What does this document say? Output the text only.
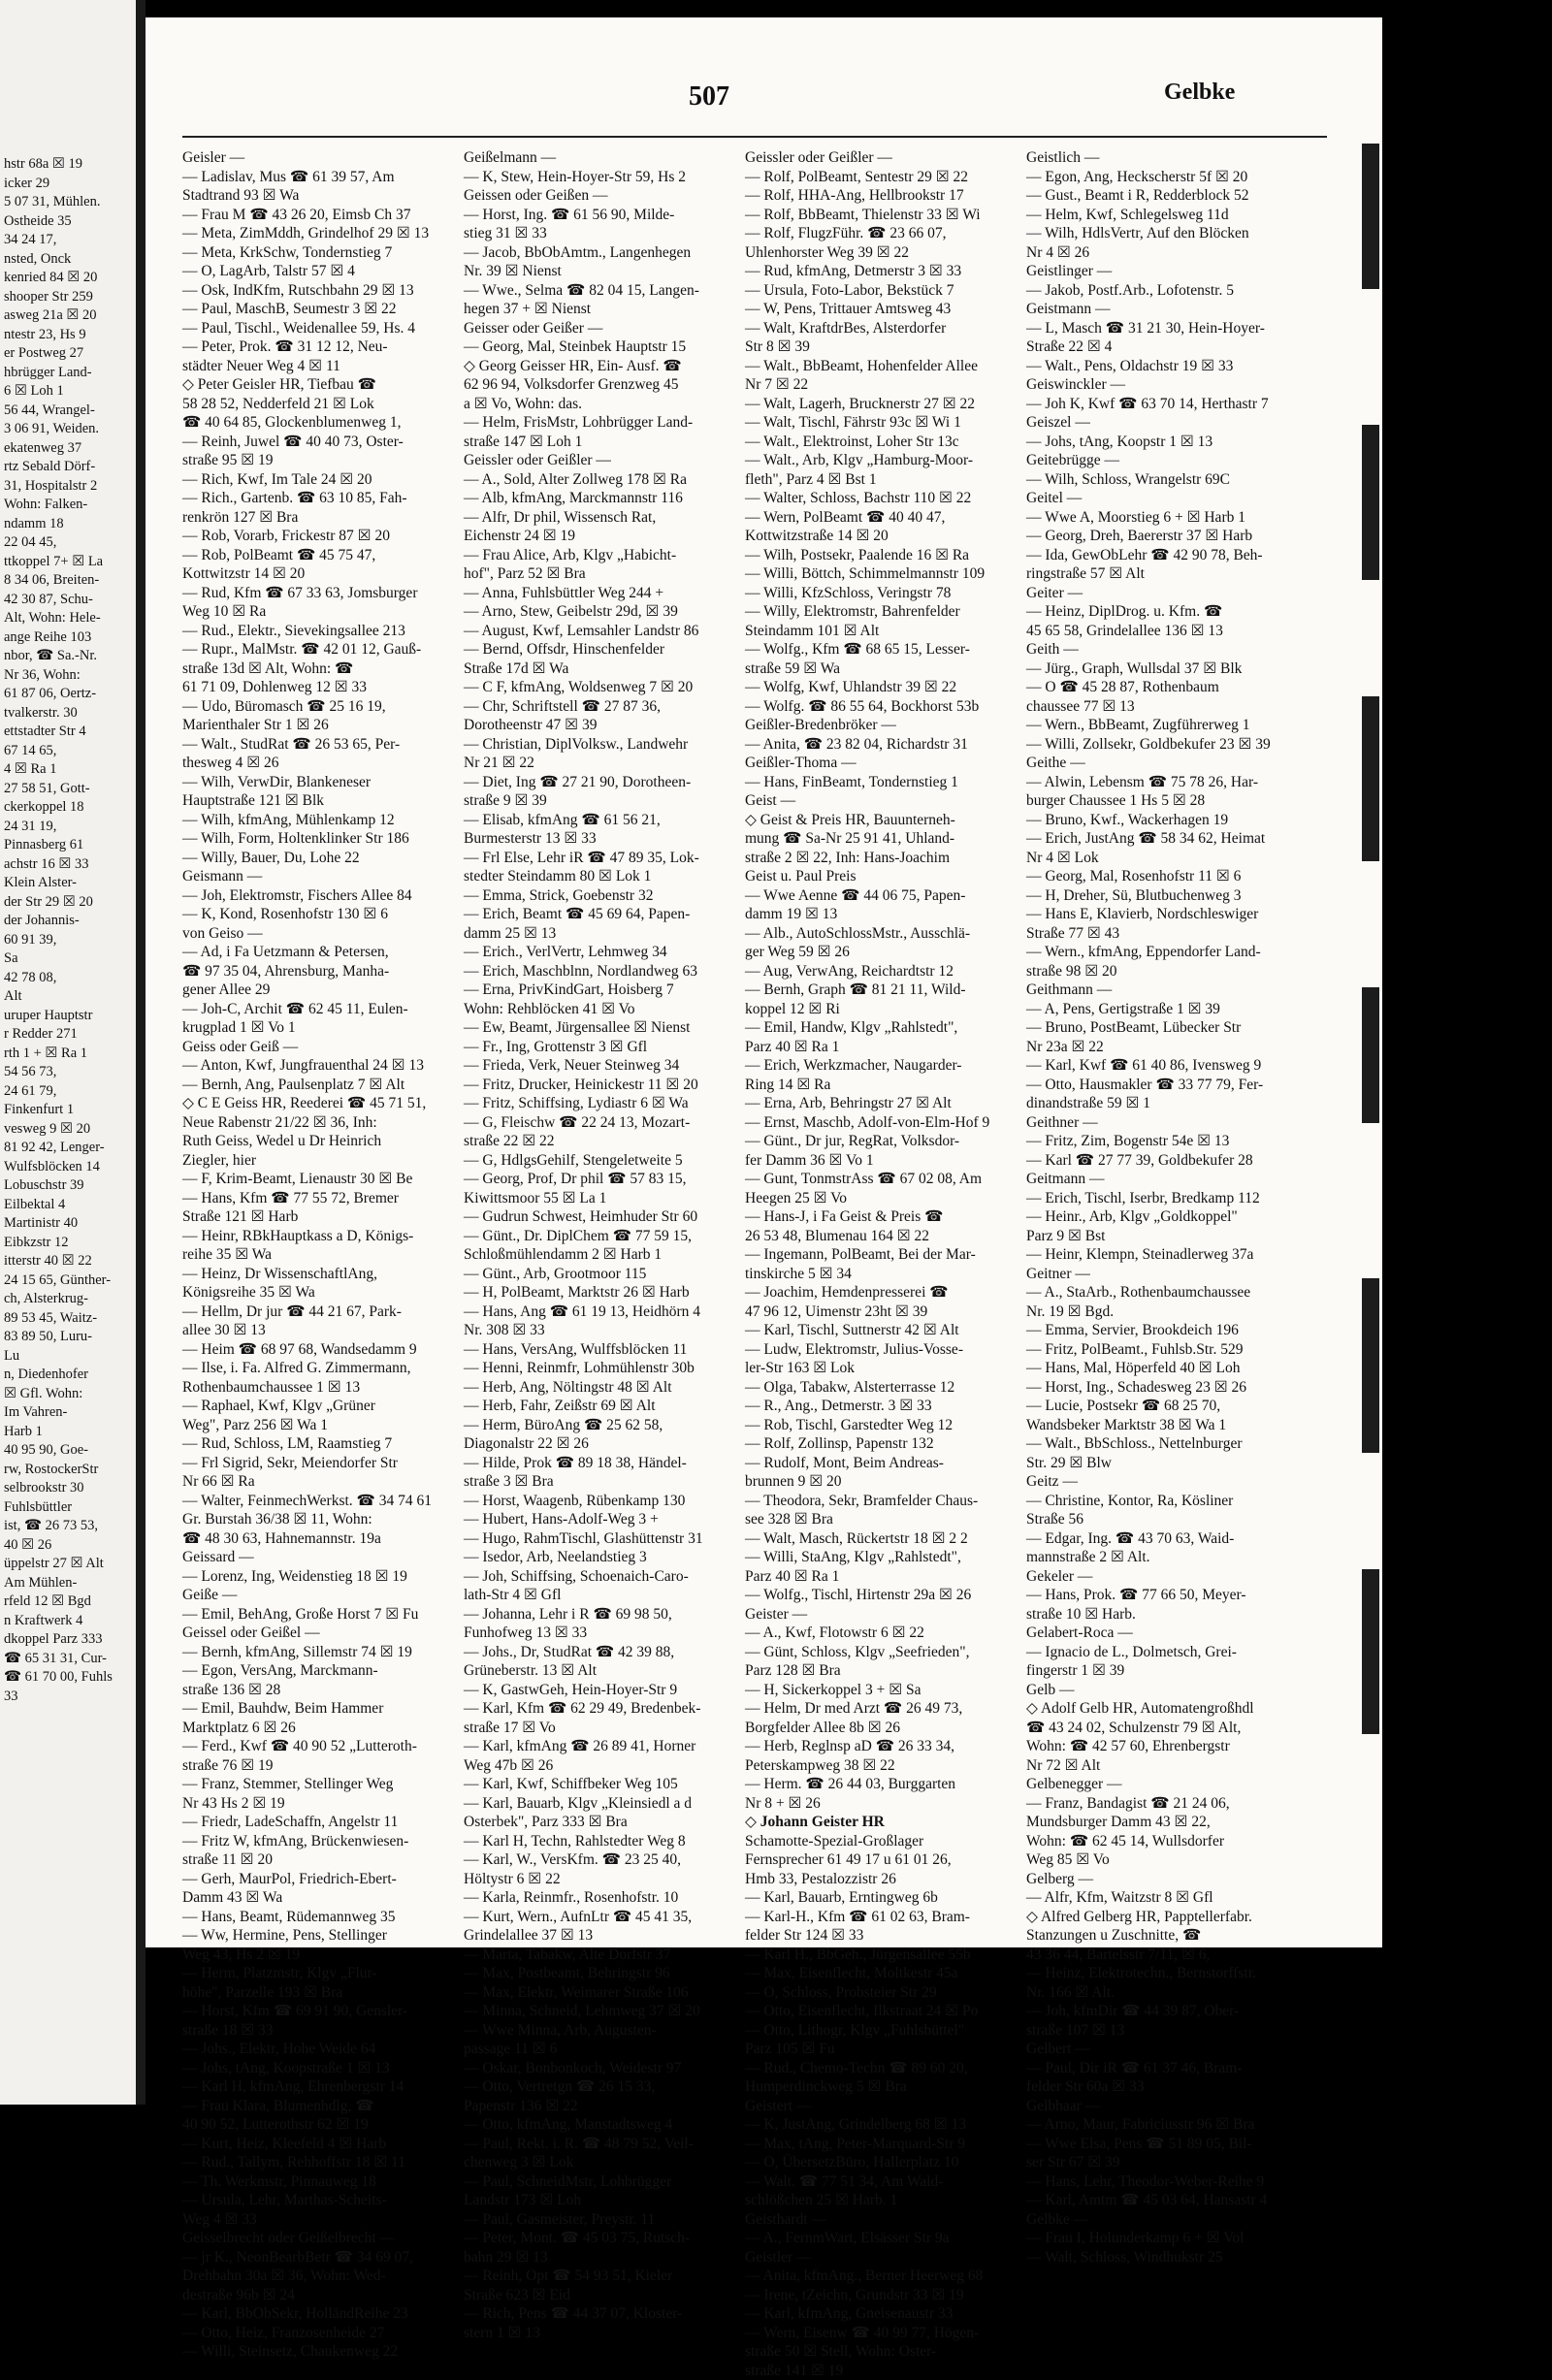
hstr 68a ☒ 19
icker 29
5 07 31, Mühlen.
Ostheide 35
34 24 17,
nsted, Onck
kenried 84 ☒ 20
shooper Str 259
asweg 21a ☒ 20
ntestr 23, Hs 9
er Postweg 27
hbrügger Land-
6 ☒ Loh 1
56 44, Wrangel-
3 06 91, Weiden.
ekatenweg 37
rtz Sebald Dörf-
31, Hospitalstr 2
Wohn: Falken-
ndamm 18
22 04 45,
ttkoppel 7+ ☒ La
8 34 06, Breiten-
42 30 87, Schu-
Alt, Wohn: Hele-
ange Reihe 103
nbor, ☎ Sa.-Nr.
Nr 36, Wohn:
61 87 06, Oertz-
tvalkerstr. 30
ettstadter Str 4
67 14 65,
4 ☒ Ra 1
27 58 51, Gott-
ckerkoppel 18
24 31 19,
Pinnasberg 61
achstr 16 ☒ 33
Klein Alster-
der Str 29 ☒ 20
der Johannis-
60 91 39,
Sa
42 78 08,
Alt
uruper Hauptstr
r Redder 271
rth 1 + ☒ Ra 1
54 56 73,
24 61 79,
Finkenfurt 1
vesweg 9 ☒ 20
81 92 42, Lenger-
Wulfsblöcken 14
Lobuschstr 39
Eilbektal 4
Martinistr 40
Eibkzstr 12
itterstr 40 ☒ 22
24 15 65, Günther-
ch, Alsterkrug-
89 53 45, Waitz-
83 89 50, Luru-
Lu
n, Diedenhofer
☒ Gfl. Wohn:
Im Vahren-
Harb 1
40 95 90, Goe-
rw, RostockerStr
selbrookstr 30
Fuhlsbüttler
ist, ☎ 26 73 53,
40 ☒ 26
üppelstr 27 ☒ Alt
Am Mühlen-
rfeld 12 ☒ Bgd
n Kraftwerk 4
dkoppel Parz 333
☎ 65 31 31, Cur-
☎ 61 70 00, Fuhls
33
507	Gelbke
Geisler —
— Ladislav, Mus ☎ 61 39 57, Am
Stadtrand 93 ☒ Wa
— Frau M ☎ 43 26 20, Eimsb Ch 37
— Meta, ZimMddh, Grindelhof 29 ☒ 13
— Meta, KrkSchw, Tondernstieg 7
— O, LagArb, Talstr 57 ☒ 4
— Osk, IndKfm, Rutschbahn 29 ☒ 13
— Paul, MaschB, Seumestr 3 ☒ 22
— Paul, Tischl., Weidenallee 59, Hs. 4
— Peter, Prok. ☎ 31 12 12, Neu-
städter Neuer Weg 4 ☒ 11
◇ Peter Geisler HR, Tiefbau ☎
58 28 52, Nedderfeld 21 ☒ Lok
☎ 40 64 85, Glockenblumenweg 1,
— Reinh, Juwel ☎ 40 40 73, Oster-
straße 95 ☒ 19
— Rich, Kwf, Im Tale 24 ☒ 20
— Rich., Gartenb. ☎ 63 10 85, Fah-
renkrön 127 ☒ Bra
— Rob, Vorarb, Frickestr 87 ☒ 20
— Rob, PolBeamt ☎ 45 75 47,
Kottwitzstr 14 ☒ 20
— Rud, Kfm ☎ 67 33 63, Jomsburger
Weg 10 ☒ Ra
— Rud., Elektr., Sievekingsallee 213
— Rupr., MalMstr. ☎ 42 01 12, Gauß-
straße 13d ☒ Alt, Wohn: ☎
61 71 09, Dohlenweg 12 ☒ 33
— Udo, Büromasch ☎ 25 16 19,
Marienthaler Str 1 ☒ 26
— Walt., StudRat ☎ 26 53 65, Per-
thesweg 4 ☒ 26
— Wilh, VerwDir, Blankeneser
Hauptstraße 121 ☒ Blk
— Wilh, kfmAng, Mühlenkamp 12
— Wilh, Form, Holtenklinker Str 186
— Willy, Bauer, Du, Lohe 22
Geismann —
— Joh, Elektromstr, Fischers Allee 84
— K, Kond, Rosenhofstr 130 ☒ 6
von Geiso —
— Ad, i Fa Uetzmann & Petersen,
☎ 97 35 04, Ahrensburg, Manha-
gener Allee 29
— Joh-C, Archit ☎ 62 45 11, Eulen-
krugplad 1 ☒ Vo 1
Geiss oder Geiß —
— Anton, Kwf, Jungfrauenthal 24 ☒ 13
— Bernh, Ang, Paulsenplatz 7 ☒ Alt
◇ C E Geiss HR, Reederei ☎ 45 71 51,
Neue Rabenstr 21/22 ☒ 36, Inh:
Ruth Geiss, Wedel u Dr Heinrich
Ziegler, hier
— F, Krim-Beamt, Lienaustr 30 ☒ Be
— Hans, Kfm ☎ 77 55 72, Bremer
Straße 121 ☒ Harb
— Heinr, RBkHauptkass a D, Königs-
reihe 35 ☒ Wa
— Heinz, Dr WissenschaftlAng,
Königsreihe 35 ☒ Wa
— Hellm, Dr jur ☎ 44 21 67, Park-
allee 30 ☒ 13
— Heim ☎ 68 97 68, Wandsedamm 9
— Ilse, i. Fa. Alfred G. Zimmermann,
Rothenbaumchaussee 1 ☒ 13
— Raphael, Kwf, Klgv „Grüner
Weg", Parz 256 ☒ Wa 1
— Rud, Schloss, LM, Raamstieg 7
— Frl Sigrid, Sekr, Meiendorfer Str
Nr 66 ☒ Ra
— Walter, FeinmechWerkst. ☎ 34 74 61
Gr. Burstah 36/38 ☒ 11, Wohn:
☎ 48 30 63, Hahnemannstr. 19a
Geissard —
— Lorenz, Ing, Weidenstieg 18 ☒ 19
Geiße —
— Emil, BehAng, Große Horst 7 ☒ Fu
Geissel oder Geißel —
— Bernh, kfmAng, Sillemstr 74 ☒ 19
— Egon, VersAng, Marckmann-
straße 136 ☒ 28
— Emil, Bauhdw, Beim Hammer
Marktplatz 6 ☒ 26
— Ferd., Kwf ☎ 40 90 52 „Lutteroth-
straße 76 ☒ 19
— Franz, Stemmer, Stellinger Weg
Nr 43 Hs 2 ☒ 19
— Friedr, LadeSchaffn, Angelstr 11
— Fritz W, kfmAng, Brückenwiesen-
straße 11 ☒ 20
— Gerh, MaurPol, Friedrich-Ebert-
Damm 43 ☒ Wa
— Hans, Beamt, Rüdemannweg 35
— Ww, Hermine, Pens, Stellinger
Weg 43, Hs 2 ☒ 19
— Herm, Platzmstr, Klgv „Flur-
höhe", Parzelle 193 ☒ Bra
— Horst, Kfm ☎ 69 91 90, Gensler-
straße 18 ☒ 33
— Johs., Elektr, Hohe Weide 64
— Johs, tAng, Koopstraße 1 ☒ 13
— Karl H, kfmAng, Ehrenbergstr 14
— Frau Klara, Blumenhdlg, ☎
40 90 52, Lutterothstr 62 ☒ 19
— Kurt, Heiz, Kleefeld 4 ☒ Harb
— Rud., Tallym, Rehhoffstr 18 ☒ 11
— Th. Werkmstr, Pinnauweg 18
— Ursula, Lehr, Marthas-Scheits-
Weg 4 ☒ 33
Geisselbrecht oder Geißelbrecht —
— jr K., NeonBearbBetr ☎ 34 69 07,
Drehbahn 30a ☒ 36, Wohn: Wed-
destraße 96b ☒ 24
— Karl, BbObSekr, HolländReihe 23
— Otto, Heiz, Franzosenheide 27
— Willi, Steinsetz, Chaukenweg 22
Geißelmann —
— K, Stew, Hein-Hoyer-Str 59, Hs 2
Geissen oder Geißen —
— Horst, Ing. ☎ 61 56 90, Milde-
stieg 31 ☒ 33
— Jacob, BbObAmtm., Langenhegen
Nr. 39 ☒ Nienst
— Wwe., Selma ☎ 82 04 15, Langen-
hegen 37 + ☒ Nienst
Geisser oder Geißer —
— Georg, Mal, Steinbek Hauptstr 15
◇ Georg Geisser HR, Ein- Ausf. ☎
62 96 94, Volksdorfer Grenzweg 45
a ☒ Vo, Wohn: das.
— Helm, FrisMstr, Lohbrügger Land-
straße 147 ☒ Loh 1
Geissler oder Geißler —
— A., Sold, Alter Zollweg 178 ☒ Ra
— Alb, kfmAng, Marckmannstr 116
— Alfr, Dr phil, Wissensch Rat,
Eichenstr 24 ☒ 19
— Frau Alice, Arb, Klgv „Habicht-
hof", Parz 52 ☒ Bra
— Anna, Fuhlsbüttler Weg 244 +
— Arno, Stew, Geibelstr 29d, ☒ 39
— August, Kwf, Lemsahler Landstr 86
— Bernd, Offsdr, Hinschenfelder
Straße 17d ☒ Wa
— C F, kfmAng, Woldsenweg 7 ☒ 20
— Chr, Schriftstell ☎ 27 87 36,
Dorotheenstr 47 ☒ 39
— Christian, DiplVolksw., Landwehr
Nr 21 ☒ 22
— Diet, Ing ☎ 27 21 90, Dorotheen-
straße 9 ☒ 39
— Elisab, kfmAng ☎ 61 56 21,
Burmesterstr 13 ☒ 33
— Frl Else, Lehr iR ☎ 47 89 35, Lok-
stedter Steindamm 80 ☒ Lok 1
— Emma, Strick, Goebenstr 32
— Erich, Beamt ☎ 45 69 64, Papen-
damm 25 ☒ 13
— Erich., VerlVertr, Lehmweg 34
— Erich, Maschblnn, Nordlandweg 63
— Erna, PrivKindGart, Hoisberg 7
Wohn: Rehblöcken 41 ☒ Vo
— Ew, Beamt, Jürgensallee ☒ Nienst
— Fr., Ing, Grottenstr 3 ☒ Gfl
— Frieda, Verk, Neuer Steinweg 34
— Fritz, Drucker, Heinickestr 11 ☒ 20
— Fritz, Schiffsing, Lydiastr 6 ☒ Wa
— G, Fleischw ☎ 22 24 13, Mozart-
straße 22 ☒ 22
— G, HdlgsGehilf, Stengeletweite 5
— Georg, Prof, Dr phil ☎ 57 83 15,
Kiwittsmoor 55 ☒ La 1
— Gudrun Schwest, Heimhuder Str 60
— Günt., Dr. DiplChem ☎ 77 59 15,
Schloßmühlendamm 2 ☒ Harb 1
— Günt., Arb, Grootmoor 115
— H, PolBeamt, Marktstr 26 ☒ Harb
— Hans, Ang ☎ 61 19 13, Heidhörn 4
Nr. 308 ☒ 33
— Hans, VersAng, Wulffsblöcken 11
— Henni, Reinmfr, Lohmühlenstr 30b
— Herb, Ang, Nöltingstr 48 ☒ Alt
— Herb, Fahr, Zeißstr 69 ☒ Alt
— Herm, BüroAng ☎ 25 62 58,
Diagonalstr 22 ☒ 26
— Hilde, Prok ☎ 89 18 38, Händel-
straße 3 ☒ Bra
— Horst, Waagenb, Rübenkamp 130
— Hubert, Hans-Adolf-Weg 3 +
— Hugo, RahmTischl, Glashüttenstr 31
— Isedor, Arb, Neelandstieg 3
— Joh, Schiffsing, Schoenaich-Caro-
lath-Str 4 ☒ Gfl
— Johanna, Lehr i R ☎ 69 98 50,
Funhofweg 13 ☒ 33
— Johs., Dr, StudRat ☎ 42 39 88,
Grüneberstr. 13 ☒ Alt
— K, GastwGeh, Hein-Hoyer-Str 9
— Karl, Kfm ☎ 62 29 49, Bredenbek-
straße 17 ☒ Vo
— Karl, kfmAng ☎ 26 89 41, Horner
Weg 47b ☒ 26
— Karl, Kwf, Schiffbeker Weg 105
— Karl, Bauarb, Klgv „Kleinsiedl a d
Osterbek", Parz 333 ☒ Bra
— Karl H, Techn, Rahlstedter Weg 8
— Karl, W., VersKfm. ☎ 23 25 40,
Höltystr 6 ☒ 22
— Karla, Reinmfr., Rosenhofstr. 10
— Kurt, Wern., AufnLtr ☎ 45 41 35,
Grindelallee 37 ☒ 13
— Marta, Tabakw, Alte Dorfstr 37
— Max, Postbeamt, Behringstr 96
— Max, Elektr, Weimarer Straße 106
— Minna, Schneid, Lehmweg 37 ☒ 20
— Wwe Minna, Arb, Augusten-
passage 11 ☒ 6
— Oskar, Bonbonkoch, Weidestr 97
— Otto, Vertretgn ☎ 26 15 33,
Papenstr 136 ☒ 22
— Otto, kfmAng, Manstadtsweg 4
— Paul, Rekt. i. R. ☎ 48 79 52, Veil-
chenweg 3 ☒ Lok
— Paul, SchneidMstr, Lohbrügger
Landstr 173 ☒ Loh
— Paul, Gasmeister, Preystr. 11
— Peter, Mont. ☎ 45 03 75, Rutsch-
bahn 29 ☒ 13
— Reinh, Opt ☎ 54 93 51, Kieler
Straße 623 ☒ Eid
— Rich, Pens ☎ 44 37 07, Kloster-
stern 1 ☒ 13
Geissler oder Geißler —
— Rolf, PolBeamt, Sentestr 29 ☒ 22
— Rolf, HHA-Ang, Hellbrookstr 17
— Rolf, BbBeamt, Thielenstr 33 ☒ Wi
— Rolf, FlugzFühr. ☎ 23 66 07,
Uhlenhorster Weg 39 ☒ 22
— Rud, kfmAng, Detmerstr 3 ☒ 33
— Ursula, Foto-Labor, Bekstück 7
— W, Pens, Trittauer Amtsweg 43
— Walt, KraftdrBes, Alsterdorfer
Str 8 ☒ 39
— Walt., BbBeamt, Hohenfelder Allee
Nr 7 ☒ 22
— Walt, Lagerh, Brucknerstr 27 ☒ 22
— Walt, Tischl, Fährstr 93c ☒ Wi 1
— Walt., Elektroinst, Loher Str 13c
— Walt., Arb, Klgv „Hamburg-Moor-
fleth", Parz 4 ☒ Bst 1
— Walter, Schloss, Bachstr 110 ☒ 22
— Wern, PolBeamt ☎ 40 40 47,
Kottwitzstraße 14 ☒ 20
— Wilh, Postsekr, Paalende 16 ☒ Ra
— Willi, Böttch, Schimmelmannstr 109
— Willi, KfzSchloss, Veringstr 78
— Willy, Elektromstr, Bahrenfelder
Steindamm 101 ☒ Alt
— Wolfg., Kfm ☎ 68 65 15, Lesser-
straße 59 ☒ Wa
— Wolfg, Kwf, Uhlandstr 39 ☒ 22
— Wolfg. ☎ 86 55 64, Bockhorst 53b
Geißler-Bredenbröker —
— Anita, ☎ 23 82 04, Richardstr 31
Geißler-Thoma —
— Hans, FinBeamt, Tondernstieg 1
Geist —
◇ Geist & Preis HR, Bauunterneh-
mung ☎ Sa-Nr 25 91 41, Uhland-
straße 2 ☒ 22, Inh: Hans-Joachim
Geist u. Paul Preis
— Wwe Aenne ☎ 44 06 75, Papen-
damm 19 ☒ 13
— Alb., AutoSchlossMstr., Ausschlä-
ger Weg 59 ☒ 26
— Aug, VerwAng, Reichardtstr 12
— Bernh, Graph ☎ 81 21 11, Wild-
koppel 12 ☒ Ri
— Emil, Handw, Klgv „Rahlstedt",
Parz 40 ☒ Ra 1
— Erich, Werkzmacher, Naugarder-
Ring 14 ☒ Ra
— Erna, Arb, Behringstr 27 ☒ Alt
— Ernst, Maschb, Adolf-von-Elm-Hof 9
— Günt., Dr jur, RegRat, Volksdor-
fer Damm 36 ☒ Vo 1
— Gunt, TonmstrAss ☎ 67 02 08, Am
Heegen 25 ☒ Vo
— Hans-J, i Fa Geist & Preis ☎
26 53 48, Blumenau 164 ☒ 22
— Ingemann, PolBeamt, Bei der Mar-
tinskirche 5 ☒ 34
— Joachim, Hemdenpresserei ☎
47 96 12, Uimenstr 23ht ☒ 39
— Karl, Tischl, Suttnerstr 42 ☒ Alt
— Ludw, Elektromstr, Julius-Vosse-
ler-Str 163 ☒ Lok
— Olga, Tabakw, Alsterterrasse 12
— R., Ang., Detmerstr. 3 ☒ 33
— Rob, Tischl, Garstedter Weg 12
— Rolf, Zollinsp, Papenstr 132
— Rudolf, Mont, Beim Andreas-
brunnen 9 ☒ 20
— Theodora, Sekr, Bramfelder Chaus-
see 328 ☒ Bra
— Walt, Masch, Rückertstr 18 ☒ 2 2
— Willi, StaAng, Klgv „Rahlstedt",
Parz 40 ☒ Ra 1
— Wolfg., Tischl, Hirtenstr 29a ☒ 26
Geister —
— A., Kwf, Flotowstr 6 ☒ 22
— Günt, Schloss, Klgv „Seefrieden",
Parz 128 ☒ Bra
— H, Sickerkoppel 3 + ☒ Sa
— Helm, Dr med Arzt ☎ 26 49 73,
Borgfelder Allee 8b ☒ 26
— Herb, Reglnsp aD ☎ 26 33 34,
Peterskampweg 38 ☒ 22
— Herm. ☎ 26 44 03, Burggarten
Nr 8 + ☒ 26
◇ Johann Geister HR
Schamotte-Spezial-Großlager
Fernsprecher 61 49 17 u 61 01 26,
Hmb 33, Pestalozzistr 26
— Karl, Bauarb, Erntingweg 6b
— Karl-H., Kfm ☎ 61 02 63, Bram-
felder Str 124 ☒ 33
— Karl H., BbGeh., Jürgensallee 55b
— Max, Eisenflecht, Moltkestr 45a
— O, Schloss, Probsteier Str 29
— Otto, Eisenflecht, Ilkstraat 24 ☒ Po
— Otto, Lithogr, Klgv „Fuhlsbüttel"
Parz 105 ☒ Fu
— Rud., Chemo-Techn ☎ 89 60 20,
Humperdinckweg 5 ☒ Bra
Geistert —
— K, JustAng, Grindelberg 68 ☒ 13
— Max, tAng, Peter-Marquard-Str 9
— O, ÜbersetzBüro, Hallerplatz 10
— Walt. ☎ 77 51 34, Am Wald-
schlößchen 25 ☒ Harb. 1
Geisthardt —
— A., FernmWart, Elsässer Str 9a
Geistler —
— Anita, kfmAng., Berner Heerweg 68
— Irene, tZeichn, Grundstr 33 ☒ 19
— Karl, kfmAng, Gneisenaustr 33
— Wern, Eisenw ☎ 40 99 77, Högen-
straße 50 ☒ Stell, Wohn: Oster-
straße 141 ☒ 19
Geistlich —
— Egon, Ang, Heckscherstr 5f ☒ 20
— Gust., Beamt i R, Redderblock 52
— Helm, Kwf, Schlegelsweg 11d
— Wilh, HdlsVertr, Auf den Blöcken
Nr 4 ☒ 26
Geistlinger —
— Jakob, Postf.Arb., Lofotenstr. 5
Geistmann —
— L, Masch ☎ 31 21 30, Hein-Hoyer-
Straße 22 ☒ 4
— Walt., Pens, Oldachstr 19 ☒ 33
Geiswinckler —
— Joh K, Kwf ☎ 63 70 14, Herthastr 7
Geiszel —
— Johs, tAng, Koopstr 1 ☒ 13
Geitebrügge —
— Wilh, Schloss, Wrangelstr 69C
Geitel —
— Wwe A, Moorstieg 6 + ☒ Harb 1
— Georg, Dreh, Baererstr 37 ☒ Harb
— Ida, GewObLehr ☎ 42 90 78, Beh-
ringstraße 57 ☒ Alt
Geiter —
— Heinz, DiplDrog. u. Kfm. ☎
45 65 58, Grindelallee 136 ☒ 13
Geith —
— Jürg., Graph, Wullsdal 37 ☒ Blk
— O ☎ 45 28 87, Rothenbaum
chaussee 77 ☒ 13
— Wern., BbBeamt, Zugführerweg 1
— Willi, Zollsekr, Goldbekufer 23 ☒ 39
Geithe —
— Alwin, Lebensm ☎ 75 78 26, Har-
burger Chaussee 1 Hs 5 ☒ 28
— Bruno, Kwf., Wackerhagen 19
— Erich, JustAng ☎ 58 34 62, Heimat
Nr 4 ☒ Lok
— Georg, Mal, Rosenhofstr 11 ☒ 6
— H, Dreher, Sü, Blutbuchenweg 3
— Hans E, Klavierb, Nordschleswiger
Straße 77 ☒ 43
— Wern., kfmAng, Eppendorfer Land-
straße 98 ☒ 20
Geithmann —
— A, Pens, Gertigstraße 1 ☒ 39
— Bruno, PostBeamt, Lübecker Str
Nr 23a ☒ 22
— Karl, Kwf ☎ 61 40 86, Ivensweg 9
— Otto, Hausmakler ☎ 33 77 79, Fer-
dinandstraße 59 ☒ 1
Geithner —
— Fritz, Zim, Bogenstr 54e ☒ 13
— Karl ☎ 27 77 39, Goldbekufer 28
Geitmann —
— Erich, Tischl, Iserbr, Bredkamp 112
— Heinr., Arb, Klgv „Goldkoppel"
Parz 9 ☒ Bst
— Heinr, Klempn, Steinadlerweg 37a
Geitner —
— A., StaArb., Rothenbaumchaussee
Nr. 19 ☒ Bgd.
— Emma, Servier, Brookdeich 196
— Fritz, PolBeamt., Fuhlsb.Str. 529
— Hans, Mal, Höperfeld 40 ☒ Loh
— Horst, Ing., Schadesweg 23 ☒ 26
— Lucie, Postsekr ☎ 68 25 70,
Wandsbeker Marktstr 38 ☒ Wa 1
— Walt., BbSchloss., Nettelnburger
Str. 29 ☒ Blw
Geitz —
— Christine, Kontor, Ra, Kösliner
Straße 56
— Edgar, Ing. ☎ 43 70 63, Waid-
mannstraße 2 ☒ Alt.
Gekeler —
— Hans, Prok. ☎ 77 66 50, Meyer-
straße 10 ☒ Harb.
Gelabert-Roca —
— Ignacio de L., Dolmetsch, Grei-
fingerstr 1 ☒ 39
Gelb —
◇ Adolf Gelb HR, Automatengroßhdl
☎ 43 24 02, Schulzenstr 79 ☒ Alt,
Wohn: ☎ 42 57 60, Ehrenbergstr
Nr 72 ☒ Alt
Gelbenegger —
— Franz, Bandagist ☎ 21 24 06,
Mundsburger Damm 43 ☒ 22,
Wohn: ☎ 62 45 14, Wullsdorfer
Weg 85 ☒ Vo
Gelberg —
— Alfr, Kfm, Waitzstr 8 ☒ Gfl
◇ Alfred Gelberg HR, Papptellerfabr.
Stanzungen u Zuschnitte, ☎
43 36 44, Bartelsstr 7/11, ☒ 6,
— Heinz, Elektrotechn., Bernstorffstr.
Nr. 166 ☒ Alt.
— Joh, kfmDir ☎ 44 39 87, Ober-
straße 107 ☒ 13
Gelbert —
— Paul, Dir iR ☎ 61 37 46, Bram-
felder Str 60a ☒ 33
Gelbhaar —
— Arno, Maur, Fabriciusstr 96 ☒ Bra
— Wwe Elsa, Pens ☎ 51 89 05, Bil-
ser Str 67 ☒ 39
— Hans, Lehr, Theodor-Weber-Reihe 9
— Karl, Amtm ☎ 45 03 64, Hansastr 4
Gelbke —
— Frau I, Holunderkamp 6 + ☒ Vol
— Walt, Schloss, Windhukstr 25
